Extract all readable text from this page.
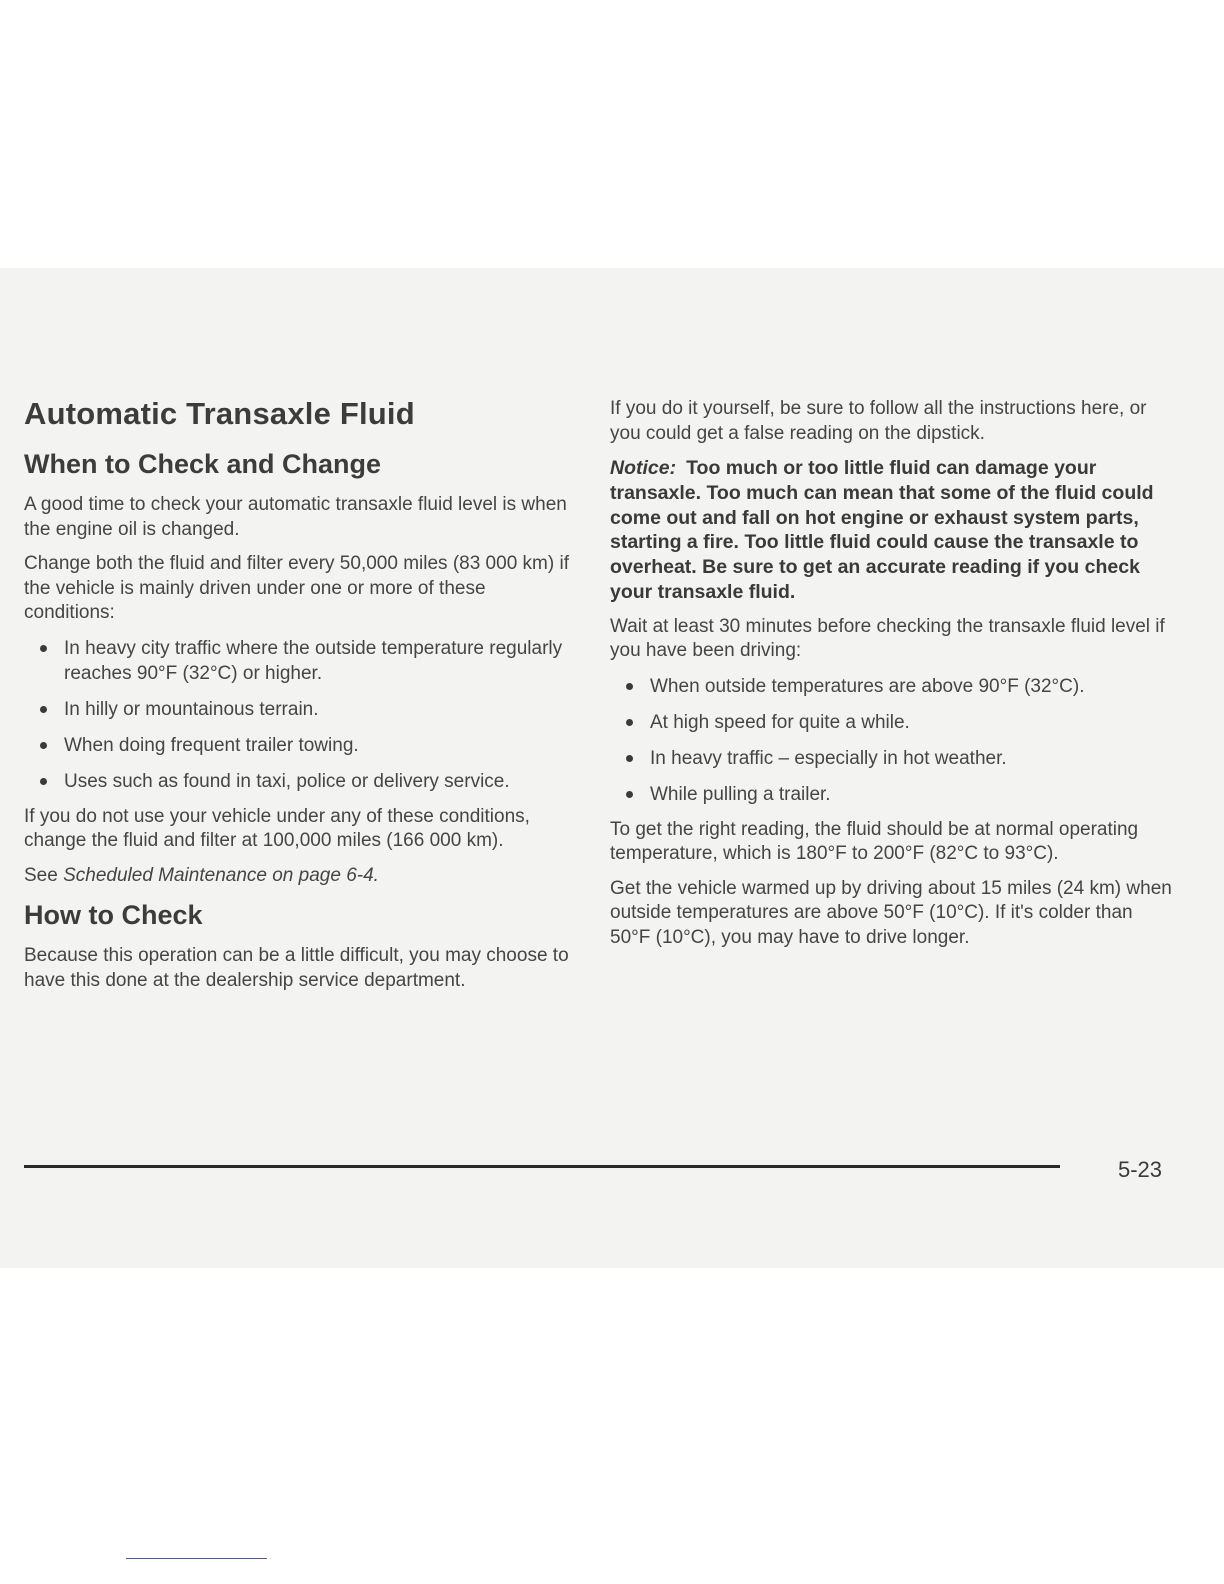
Automatic Transaxle Fluid
When to Check and Change

A good time to check your automatic transaxle fluid level is when the engine oil is changed.

Change both the fluid and filter every 50,000 miles (83 000 km) if the vehicle is mainly driven under one or more of these conditions:

In heavy city traffic where the outside temperature regularly reaches 90°F (32°C) or higher.
In hilly or mountainous terrain.
When doing frequent trailer towing.
Uses such as found in taxi, police or delivery service.

If you do not use your vehicle under any of these conditions, change the fluid and filter at 100,000 miles (166 000 km).

See Scheduled Maintenance on page 6-4.

How to Check

Because this operation can be a little difficult, you may choose to have this done at the dealership service department.

If you do it yourself, be sure to follow all the instructions here, or you could get a false reading on the dipstick.

Notice: Too much or too little fluid can damage your transaxle. Too much can mean that some of the fluid could come out and fall on hot engine or exhaust system parts, starting a fire. Too little fluid could cause the transaxle to overheat. Be sure to get an accurate reading if you check your transaxle fluid.

Wait at least 30 minutes before checking the transaxle fluid level if you have been driving:

When outside temperatures are above 90°F (32°C).
At high speed for quite a while.
In heavy traffic – especially in hot weather.
While pulling a trailer.

To get the right reading, the fluid should be at normal operating temperature, which is 180°F to 200°F (82°C to 93°C).

Get the vehicle warmed up by driving about 15 miles (24 km) when outside temperatures are above 50°F (10°C). If it's colder than 50°F (10°C), you may have to drive longer.

5-23
